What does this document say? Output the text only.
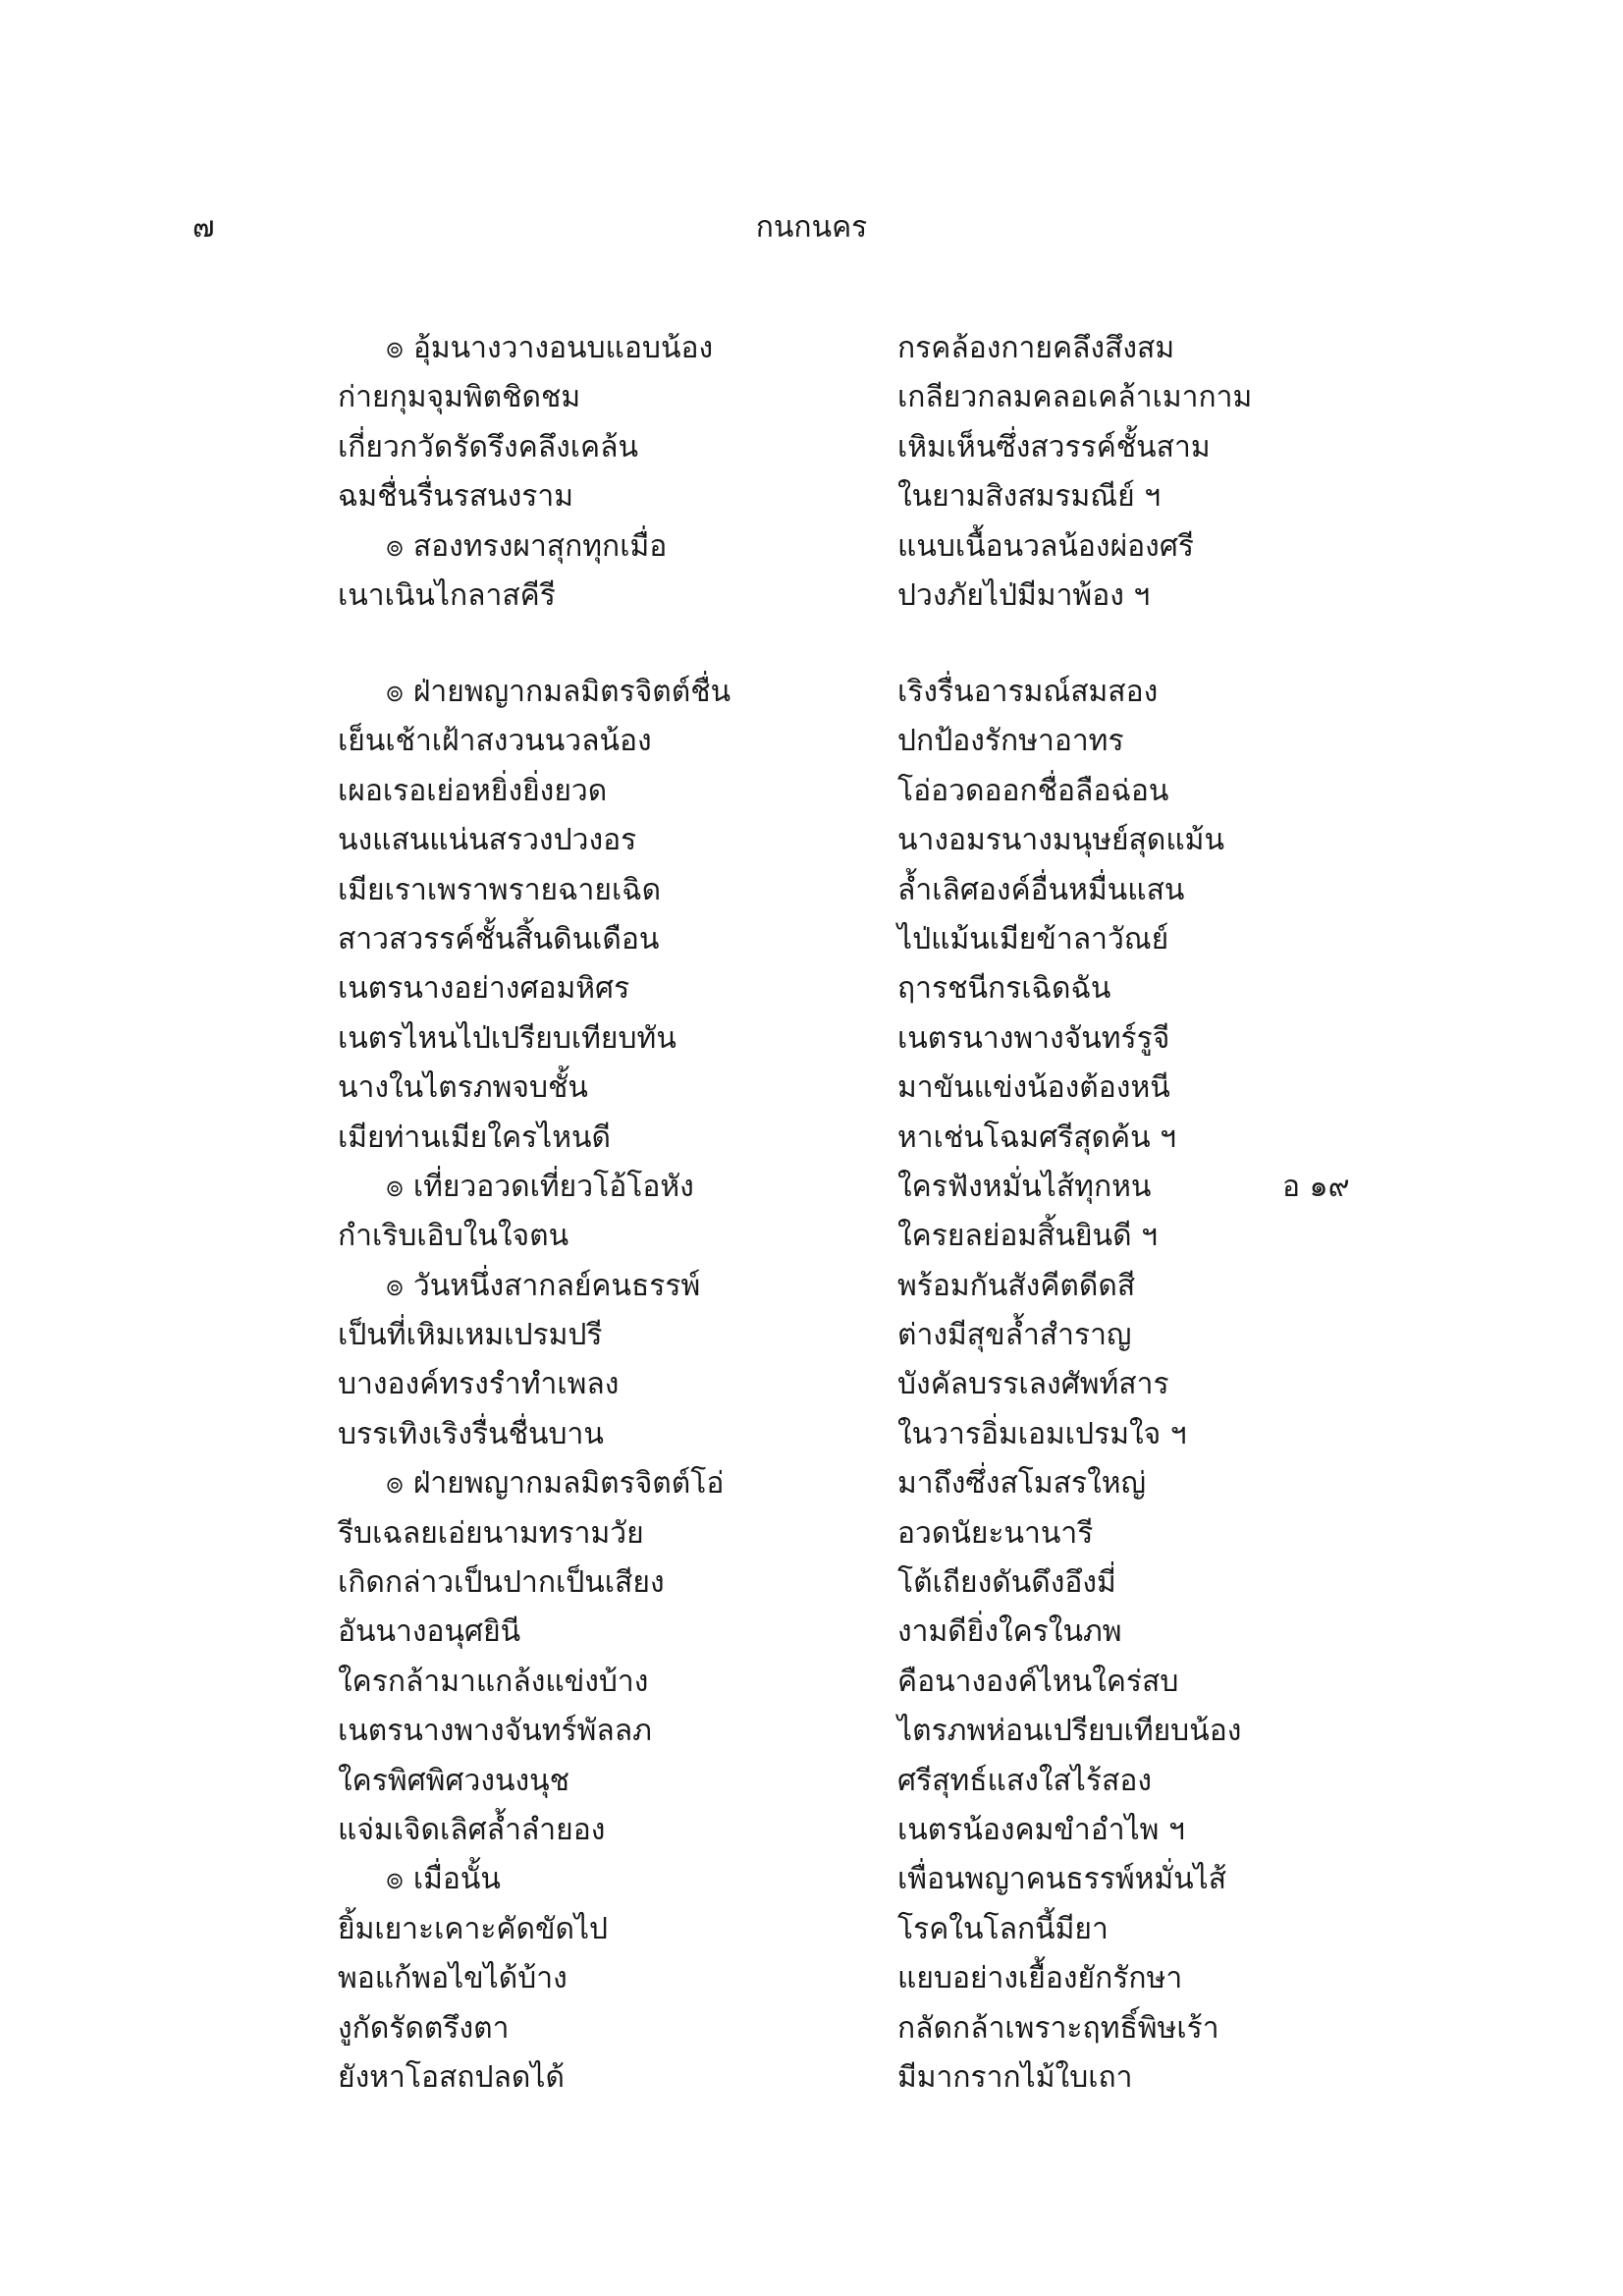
๗	กนกนคร
๏ อุ้มนางวางอนบแอบน้อง	กรคล้องกายคลึงสึงสม
ก่ายกุมจุมพิตชิดชม	เกลียวกลมคลอเคล้าเมากาม
เกี่ยวกวัดรัดรึงคลึงเคล้น	เหิมเห็นซึ่งสวรรค์ชั้นสาม
ฉมชื่นรื่นรสนงราม	ในยามสิงสมรมณีย์ ฯ
๏ สองทรงผาสุกทุกเมื่อ	แนบเนื้อนวลน้องผ่องศรี
เนาเนินไกลาสคีรี	ปวงภัยไป่มีมาพ้อง ฯ
๏ ฝ่ายพญากมลมิตรจิตต์ชื่น	เริงรื่นอารมณ์สมสอง
เย็นเช้าเฝ้าสงวนนวลน้อง	ปกป้องรักษาอาทร
เผอเรอเย่อหยิ่งยิ่งยวด	โอ่อวดออกชื่อลือฉ่อน
นงแสนแน่นสรวงปวงอร	นางอมรนางมนุษย์สุดแม้น
เมียเราเพราพรายฉายเฉิด	ล้ำเลิศองค์อื่นหมื่นแสน
สาวสวรรค์ชั้นสิ้นดินเดือน	ไป่แม้นเมียข้าลาวัณย์
เนตรนางอย่างศอมหิศร	ฤารชนีกรเฉิดฉัน
เนตรไหนไป่เปรียบเทียบทัน	เนตรนางพางจันทร์รูจี
นางในไตรภพจบชั้น	มาขันแข่งน้องต้องหนี
เมียท่านเมียใครไหนดี	หาเช่นโฉมศรีสุดค้น ฯ
๏ เที่ยวอวดเที่ยวโอ้โอหัง	ใครฟังหมั่นไส้ทุกหน	อ ๑๙
กำเริบเอิบในใจตน	ใครยลย่อมสิ้นยินดี ฯ
๏ วันหนึ่งสากลย์คนธรรพ์	พร้อมกันสังคีตดีดสี
เป็นที่เหิมเหมเปรมปรี	ต่างมีสุขล้ำสำราญ
บางองค์ทรงรำทำเพลง	บังคัลบรรเลงศัพท์สาร
บรรเทิงเริงรื่นชื่นบาน	ในวารอิ่มเอมเปรมใจ ฯ
๏ ฝ่ายพญากมลมิตรจิตต์โอ่	มาถึงซึ่งสโมสรใหญ่
รีบเฉลยเอ่ยนามทรามวัย	อวดนัยะนานารี
เกิดกล่าวเป็นปากเป็นเสียง	โต้เถียงดันดึงอึงมี่
อันนางอนุศยินี	งามดียิ่งใครในภพ
ใครกล้ามาแกล้งแข่งบ้าง	คือนางองค์ไหนใคร่สบ
เนตรนางพางจันทร์พัลลภ	ไตรภพห่อนเปรียบเทียบน้อง
ใครพิศพิศวงนงนุช	ศรีสุทธ์แสงใสไร้สอง
แจ่มเจิดเลิศล้ำลำยอง	เนตรน้องคมขำอำไพ ฯ
๏ เมื่อนั้น	เพื่อนพญาคนธรรพ์หมั่นไส้
ยิ้มเยาะเคาะคัดขัดไป	โรคในโลกนี้มียา
พอแก้พอไขได้บ้าง	แยบอย่างเยื้องยักรักษา
งูกัดรัดตรึงตา	กลัดกล้าเพราะฤทธิ์พิษเร้า
ยังหาโอสถปลดได้	มีมากรากไม้ใบเถา
